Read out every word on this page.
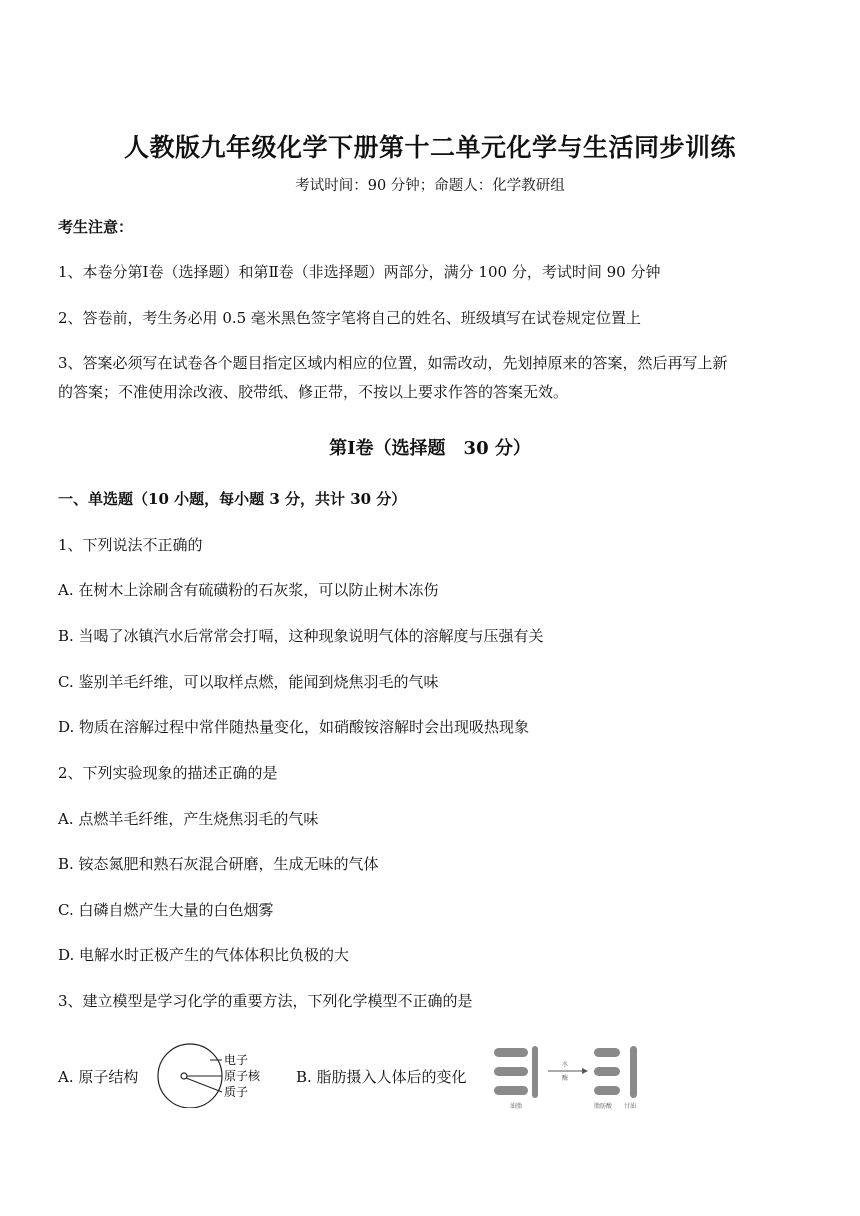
人教版九年级化学下册第十二单元化学与生活同步训练
考试时间：90 分钟；命题人：化学教研组
考生注意：
1、本卷分第Ⅰ卷（选择题）和第Ⅱ卷（非选择题）两部分，满分 100 分，考试时间 90 分钟
2、答卷前，考生务必用 0.5 毫米黑色签字笔将自己的姓名、班级填写在试卷规定位置上
3、答案必须写在试卷各个题目指定区域内相应的位置，如需改动，先划掉原来的答案，然后再写上新
的答案；不准使用涂改液、胶带纸、修正带，不按以上要求作答的答案无效。
第Ⅰ卷（选择题　30 分）
一、单选题（10 小题，每小题 3 分，共计 30 分）
1、下列说法不正确的
A. 在树木上涂刷含有硫磺粉的石灰浆，可以防止树木冻伤
B. 当喝了冰镇汽水后常常会打嗝，这种现象说明气体的溶解度与压强有关
C. 鉴别羊毛纤维，可以取样点燃，能闻到烧焦羽毛的气味
D. 物质在溶解过程中常伴随热量变化，如硝酸铵溶解时会出现吸热现象
2、下列实验现象的描述正确的是
A. 点燃羊毛纤维，产生烧焦羽毛的气味
B. 铵态氮肥和熟石灰混合研磨，生成无味的气体
C. 白磷自燃产生大量的白色烟雾
D. 电解水时正极产生的气体体积比负极的大
3、建立模型是学习化学的重要方法，下列化学模型不正确的是
A. 原子结构
电子
原子核
质子
B. 脂肪摄入人体后的变化
油脂
水
酶
脂肪酸 甘油
